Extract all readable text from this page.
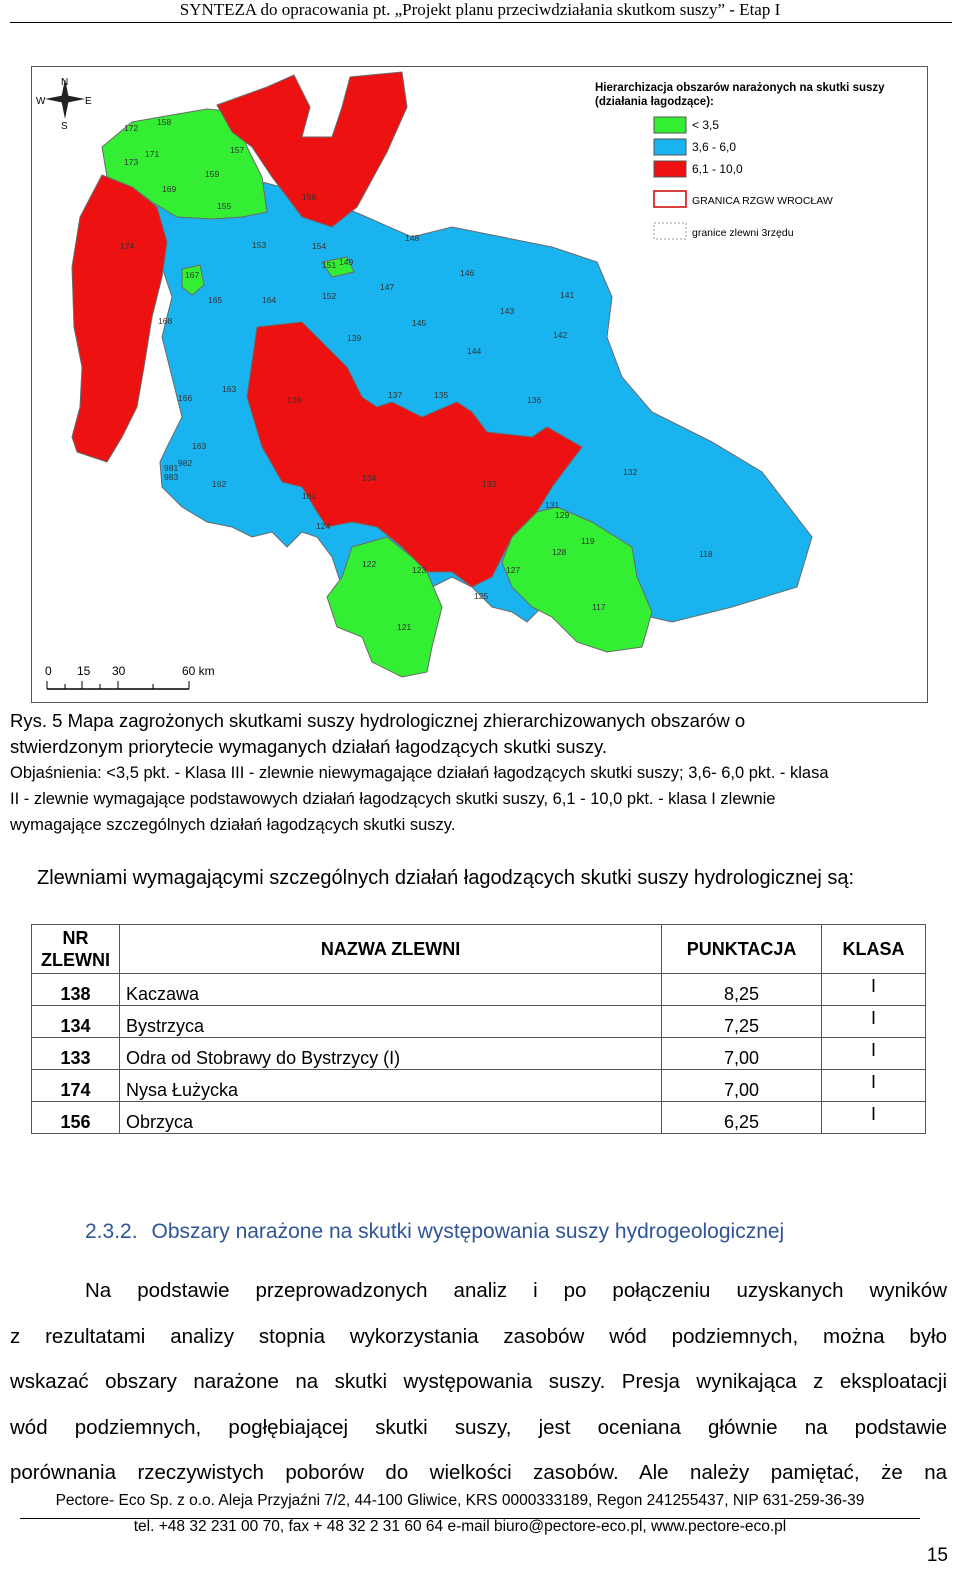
SYNTEZA do opracowania pt. „Projekt planu przeciwdziałania skutkom suszy” - Etap I
N
S
W	E
Hierarchizacja obszarów narażonych na skutki suszy
(działania łagodzące):
< 3,5
3,6 - 6,0
6,1 - 10,0
GRANICA RZGW WROCŁAW
granice zlewni 3rzędu
0 15 30	60 km
158
172
157
171
173
159
169
155
156
174	153	154
148
151 149
167	146
141
165	164
147
152
143
168	145
142
139
144
137	135	136
163
166	138
982
981
983
163
162
134
133
132
161
131
129
119
124
128	118
122
123	127
125
117
121
Rys. 5 Mapa zagrożonych skutkami suszy hydrologicznej zhierarchizowanych obszarów o
stwierdzonym priorytecie wymaganych działań łagodzących skutki suszy.
Objaśnienia: <3,5 pkt. - Klasa III - zlewnie niewymagające działań łagodzących skutki suszy; 3,6- 6,0 pkt. - klasa
II - zlewnie wymagające podstawowych działań łagodzących skutki suszy, 6,1 - 10,0 pkt. - klasa I zlewnie
wymagające szczególnych działań łagodzących skutki suszy.
Zlewniami wymagającymi szczególnych działań łagodzących skutki suszy hydrologicznej są:
NR
ZLEWNI	NAZWA ZLEWNI	PUNKTACJA	KLASA
138	Kaczawa	8,25	I
134	Bystrzyca	7,25	I
133	Odra od Stobrawy do Bystrzycy (I)	7,00	I
174	Nysa Łużycka	7,00	I
156	Obrzyca	6,25	I
2.3.2. Obszary narażone na skutki występowania suszy hydrogeologicznej

Na podstawie przeprowadzonych analiz i po połączeniu uzyskanych wyników

z rezultatami analizy stopnia wykorzystania zasobów wód podziemnych, można było

wskazać obszary narażone na skutki występowania suszy. Presja wynikająca z eksploatacji

wód podziemnych, pogłębiającej skutki suszy, jest oceniana głównie na podstawie

porównania rzeczywistych poborów do wielkości zasobów. Ale należy pamiętać, że na

Pectore- Eco Sp. z o.o. Aleja Przyjaźni 7/2, 44-100 Gliwice, KRS 0000333189, Regon 241255437, NIP 631-259-36-39
tel. +48 32 231 00 70, fax + 48 32 2 31 60 64 e-mail biuro@pectore-eco.pl, www.pectore-eco.pl
15
